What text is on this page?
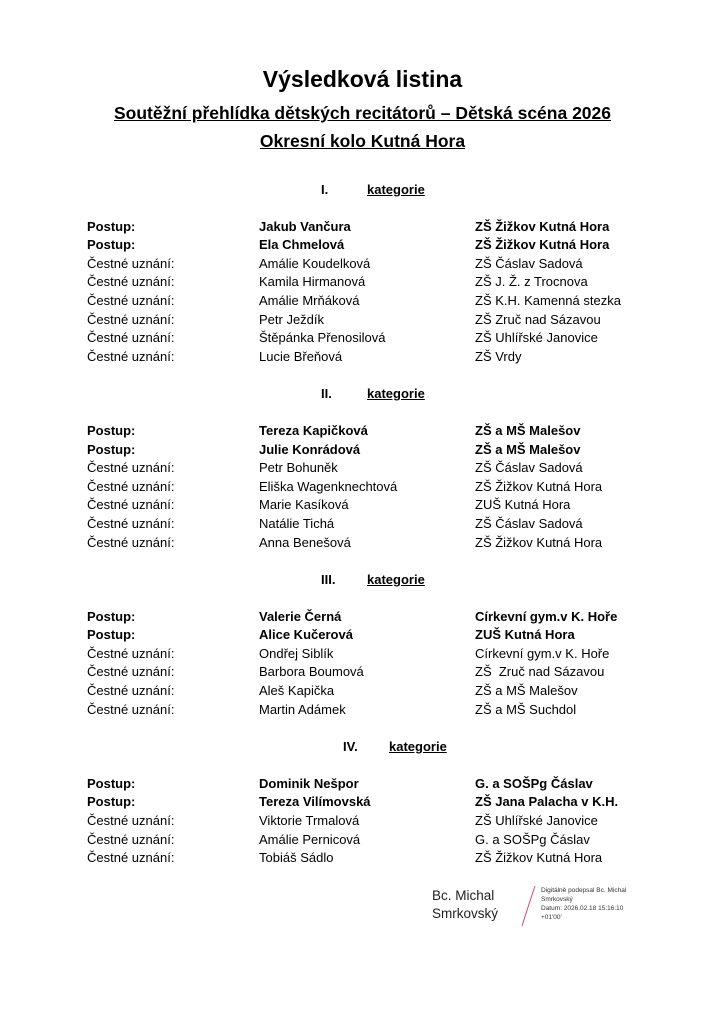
Výsledková listina
Soutěžní přehlídka dětských recitátorů – Dětská scéna 2026
Okresní kolo Kutná Hora
I.	kategorie
Postup:	Jakub Vančura	ZŠ Žižkov Kutná Hora
Postup:	Ela Chmelová	ZŠ Žižkov Kutná Hora
Čestné uznání:	Amálie Koudelková	ZŠ Čáslav Sadová
Čestné uznání:	Kamila Hirmanová	ZŠ J. Ž. z Trocnova
Čestné uznání:	Amálie Mrňáková	ZŠ K.H. Kamenná stezka
Čestné uznání:	Petr Ježdík	ZŠ Zruč nad Sázavou
Čestné uznání:	Štěpánka Přenosilová	ZŠ Uhlířské Janovice
Čestné uznání:	Lucie Břeňová	ZŠ Vrdy
II.	kategorie
Postup:	Tereza Kapičková	ZŠ a MŠ Malešov
Postup:	Julie Konrádová	ZŠ a MŠ Malešov
Čestné uznání:	Petr Bohuněk	ZŠ Čáslav Sadová
Čestné uznání:	Eliška Wagenknechtová	ZŠ Žižkov Kutná Hora
Čestné uznání:	Marie Kasíková	ZUŠ Kutná Hora
Čestné uznání:	Natálie Tichá	ZŠ Čáslav Sadová
Čestné uznání:	Anna Benešová	ZŠ Žižkov Kutná Hora
III. kategorie
Postup:	Valerie Černá	Církevní gym.v K. Hoře
Postup:	Alice Kučerová	ZUŠ Kutná Hora
Čestné uznání:	Ondřej Siblík	Církevní gym.v K. Hoře
Čestné uznání:	Barbora Boumová	ZŠ  Zruč nad Sázavou
Čestné uznání:	Aleš Kapička	ZŠ a MŠ Malešov
Čestné uznání:	Martin Adámek	ZŠ a MŠ Suchdol
IV. kategorie
Postup:	Dominik Nešpor	G. a SOŠPg Čáslav
Postup:	Tereza Vilímovská	ZŠ Jana Palacha v K.H.
Čestné uznání:	Viktorie Trmalová	ZŠ Uhlířské Janovice
Čestné uznání:	Amálie Pernicová	G. a SOŠPg Čáslav
Čestné uznání:	Tobiáš Sádlo	ZŠ Žižkov Kutná Hora
Bc. Michal
Smrkovský
Digitálně podepsal Bc. Michal
Smrkovský
Datum: 2026.02.18 15:16:10
+01'00'
